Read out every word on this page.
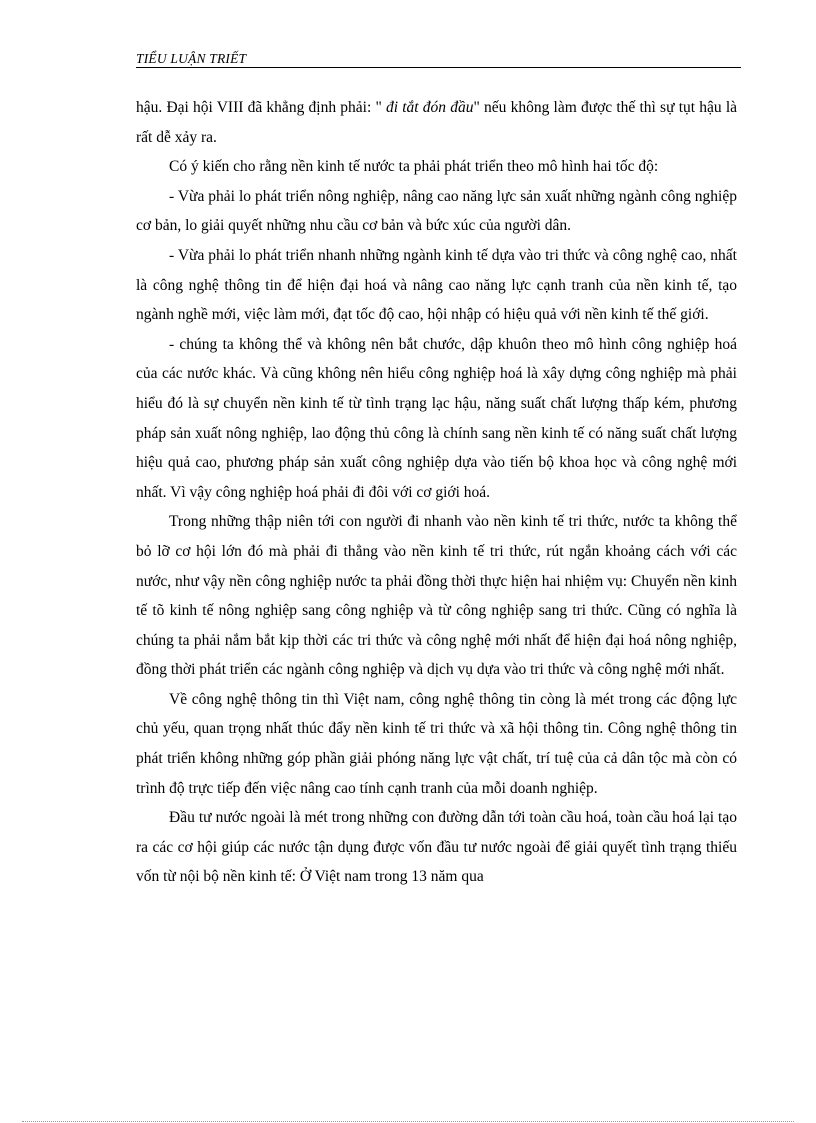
TIỂU LUẬN TRIẾT

hậu. Đại hội VIII đã khẳng định phải: " đi tắt đón đầu" nếu không làm được thế thì sự tụt hậu là rất dễ xảy ra.

Có ý kiến cho rằng nền kinh tế nước ta phải phát triển theo mô hình hai tốc độ:

- Vừa phải lo phát triển nông nghiệp, nâng cao năng lực sản xuất những ngành công nghiệp cơ bản, lo giải quyết những nhu cầu cơ bản và bức xúc của người dân.

- Vừa phải lo phát triển nhanh những ngành kinh tế dựa vào tri thức và công nghệ cao, nhất là công nghệ thông tin để hiện đại hoá và nâng cao năng lực cạnh tranh của nền kinh tế, tạo ngành nghề mới, việc làm mới, đạt tốc độ cao, hội nhập có hiệu quả với nền kinh tế thế giới.

- chúng ta không thể và không nên bắt chước, dập khuôn theo mô hình công nghiệp hoá của các nước khác. Và cũng không nên hiểu công nghiệp hoá là xây dựng công nghiệp mà phải hiểu đó là sự chuyển nền kinh tế từ tình trạng lạc hậu, năng suất chất lượng thấp kém, phương pháp sản xuất nông nghiệp, lao động thủ công là chính sang nền kinh tế có năng suất chất lượng hiệu quả cao, phương pháp sản xuất công nghiệp dựa vào tiến bộ khoa học và công nghệ mới nhất. Vì vậy công nghiệp hoá phải đi đôi với cơ giới hoá.

Trong những thập niên tới con người đi nhanh vào nền kinh tế tri thức, nước ta không thể bỏ lỡ cơ hội lớn đó mà phải đi thẳng vào nền kinh tế tri thức, rút ngắn khoảng cách với các nước, như vậy nền công nghiệp nước ta phải đồng thời thực hiện hai nhiệm vụ: Chuyển nền kinh tế tõ kinh tế nông nghiệp sang công nghiệp và từ công nghiệp sang tri thức. Cũng có nghĩa là chúng ta phải nắm bắt kịp thời các tri thức và công nghệ mới nhất để hiện đại hoá nông nghiệp, đồng thời phát triển các ngành công nghiệp và dịch vụ dựa vào tri thức và công nghệ mới nhất.

Về công nghệ thông tin thì Việt nam, công nghệ thông tin còng là mét trong các động lực chủ yếu, quan trọng nhất thúc đẩy nền kinh tế tri thức và xã hội thông tin. Công nghệ thông tin phát triển không những góp phần giải phóng năng lực vật chất, trí tuệ của cả dân tộc mà còn có trình độ trực tiếp đến việc nâng cao tính cạnh tranh của mỗi doanh nghiệp.

Đầu tư nước ngoài là mét trong những con đường dẫn tới toàn cầu hoá, toàn cầu hoá lại tạo ra các cơ hội giúp các nước tận dụng được vốn đầu tư nước ngoài để giải quyết tình trạng thiếu vốn từ nội bộ nền kinh tế: Ở Việt nam trong 13 năm qua
